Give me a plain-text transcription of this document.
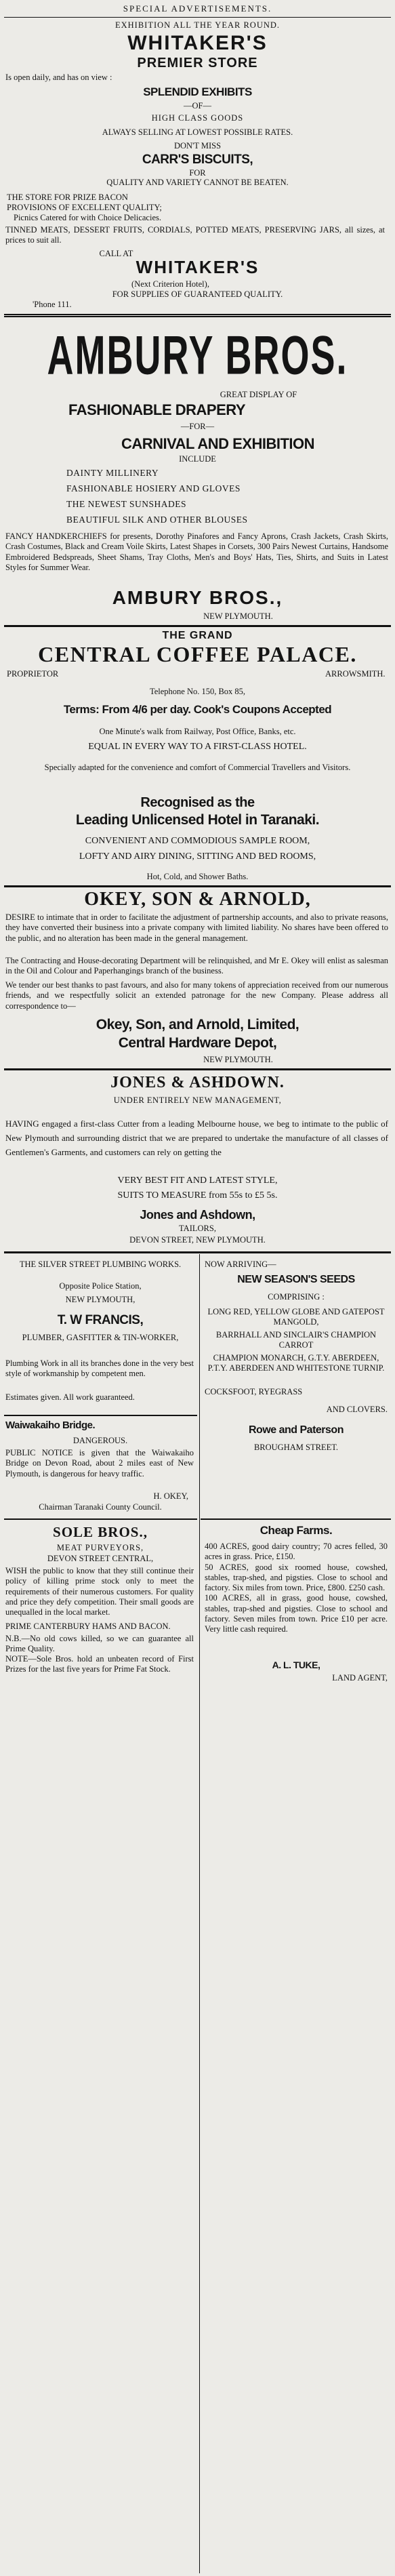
SPECIAL ADVERTISEMENTS.
EXHIBITION ALL THE YEAR ROUND.
WHITAKER'S
PREMIER STORE
Is open daily, and has on view :
SPLENDID EXHIBITS
—OF—
HIGH CLASS GOODS
ALWAYS SELLING AT LOWEST POSSIBLE RATES.
DON'T MISS
CARR'S BISCUITS,
FOR
QUALITY AND VARIETY CANNOT BE BEATEN.
THE STORE FOR PRIZE BACON
PROVISIONS OF EXCELLENT QUALITY;
Picnics Catered for with Choice Delicacies.
TINNED MEATS, DESSERT FRUITS, CORDIALS, POTTED MEATS, PRESERVING JARS, all sizes, at prices to suit all.
CALL AT
WHITAKER'S
(Next Criterion Hotel),
FOR SUPPLIES OF GUARANTEED QUALITY.
'Phone 111.
AMBURY BROS.
GREAT DISPLAY OF
FASHIONABLE DRAPERY
—FOR—
CARNIVAL AND EXHIBITION
INCLUDE
DAINTY MILLINERY
FASHIONABLE HOSIERY AND GLOVES
THE NEWEST SUNSHADES
BEAUTIFUL SILK AND OTHER BLOUSES
FANCY HANDKERCHIEFS for presents, Dorothy Pinafores and Fancy Aprons, Crash Jackets, Crash Skirts, Crash Costumes, Black and Cream Voile Skirts, Latest Shapes in Corsets, 300 Pairs Newest Curtains, Handsome Embroidered Bedspreads, Sheet Shams, Tray Cloths, Men's and Boys' Hats, Ties, Shirts, and Suits in Latest Styles for Summer Wear.
AMBURY BROS.,
NEW PLYMOUTH.
THE GRAND
CENTRAL COFFEE PALACE.
PROPRIETOR	ARROWSMITH.
Telephone No. 150, Box 85,
Terms: From 4/6 per day. Cook's Coupons Accepted
One Minute's walk from Railway, Post Office, Banks, etc.
EQUAL IN EVERY WAY TO A FIRST-CLASS HOTEL.
Specially adapted for the convenience and comfort of Commercial Travellers and Visitors.
Recognised as the
Leading Unlicensed Hotel in Taranaki.
CONVENIENT AND COMMODIOUS SAMPLE ROOM,
LOFTY AND AIRY DINING, SITTING AND BED ROOMS,
Hot, Cold, and Shower Baths.
OKEY, SON & ARNOLD,
DESIRE to intimate that in order to facilitate the adjustment of partnership accounts, and also to private reasons, they have converted their business into a private company with limited liability. No shares have been offered to the public, and no alteration has been made in the general management.
The Contracting and House-decorating Department will be relinquished, and Mr E. Okey will enlist as salesman in the Oil and Colour and Paperhangings branch of the business.
We tender our best thanks to past favours, and also for many tokens of appreciation received from our numerous friends, and we respectfully solicit an extended patronage for the new Company. Please address all correspondence to—
Okey, Son, and Arnold, Limited,
Central Hardware Depot,
NEW PLYMOUTH.
JONES & ASHDOWN.
UNDER ENTIRELY NEW MANAGEMENT,
HAVING engaged a first-class Cutter from a leading Melbourne house, we beg to intimate to the public of New Plymouth and surrounding district that we are prepared to undertake the manufacture of all classes of Gentlemen's Garments, and customers can rely on getting the
VERY BEST FIT AND LATEST STYLE,
SUITS TO MEASURE from 55s to £5 5s.
Jones and Ashdown,
TAILORS,
DEVON STREET, NEW PLYMOUTH.
THE SILVER STREET PLUMBING WORKS.
Opposite Police Station,
NEW PLYMOUTH,
T. W FRANCIS,
PLUMBER, GASFITTER & TIN-WORKER,
Plumbing Work in all its branches done in the very best style of workmanship by competent men.
Estimates given. All work guaranteed.
Waiwakaiho Bridge.
DANGEROUS.
PUBLIC NOTICE is given that the Waiwakaiho Bridge on Devon Road, about 2 miles east of New Plymouth, is dangerous for heavy traffic.
H. OKEY,
Chairman Taranaki County Council.
SOLE BROS.,
MEAT PURVEYORS,
DEVON STREET CENTRAL,
WISH the public to know that they still continue their policy of killing prime stock only to meet the requirements of their numerous customers. For quality and price they defy competition. Their small goods are unequalled in the local market.
PRIME CANTERBURY HAMS AND BACON.
N.B.—No old cows killed, so we can guarantee all Prime Quality.
NOTE—Sole Bros. hold an unbeaten record of First Prizes for the last five years for Prime Fat Stock.
NOW ARRIVING—
NEW SEASON'S SEEDS
COMPRISING :
LONG RED, YELLOW GLOBE AND GATEPOST MANGOLD,
BARRHALL AND SINCLAIR'S CHAMPION CARROT
CHAMPION MONARCH, G.T.Y. ABERDEEN, P.T.Y. ABERDEEN AND WHITESTONE TURNIP.
COCKSFOOT, RYEGRASS
AND CLOVERS.
Rowe and Paterson
BROUGHAM STREET.
Cheap Farms.
400 ACRES, good dairy country; 70 acres felled, 30 acres in grass. Price, £150.
50 ACRES, good six roomed house, cowshed, stables, trap-shed, and pigsties. Close to school and factory. Six miles from town. Price, £800. £250 cash.
100 ACRES, all in grass, good house, cowshed, stables, trap-shed and pigsties. Close to school and factory. Seven miles from town. Price £10 per acre. Very little cash required.
A. L. TUKE,
LAND AGENT,
